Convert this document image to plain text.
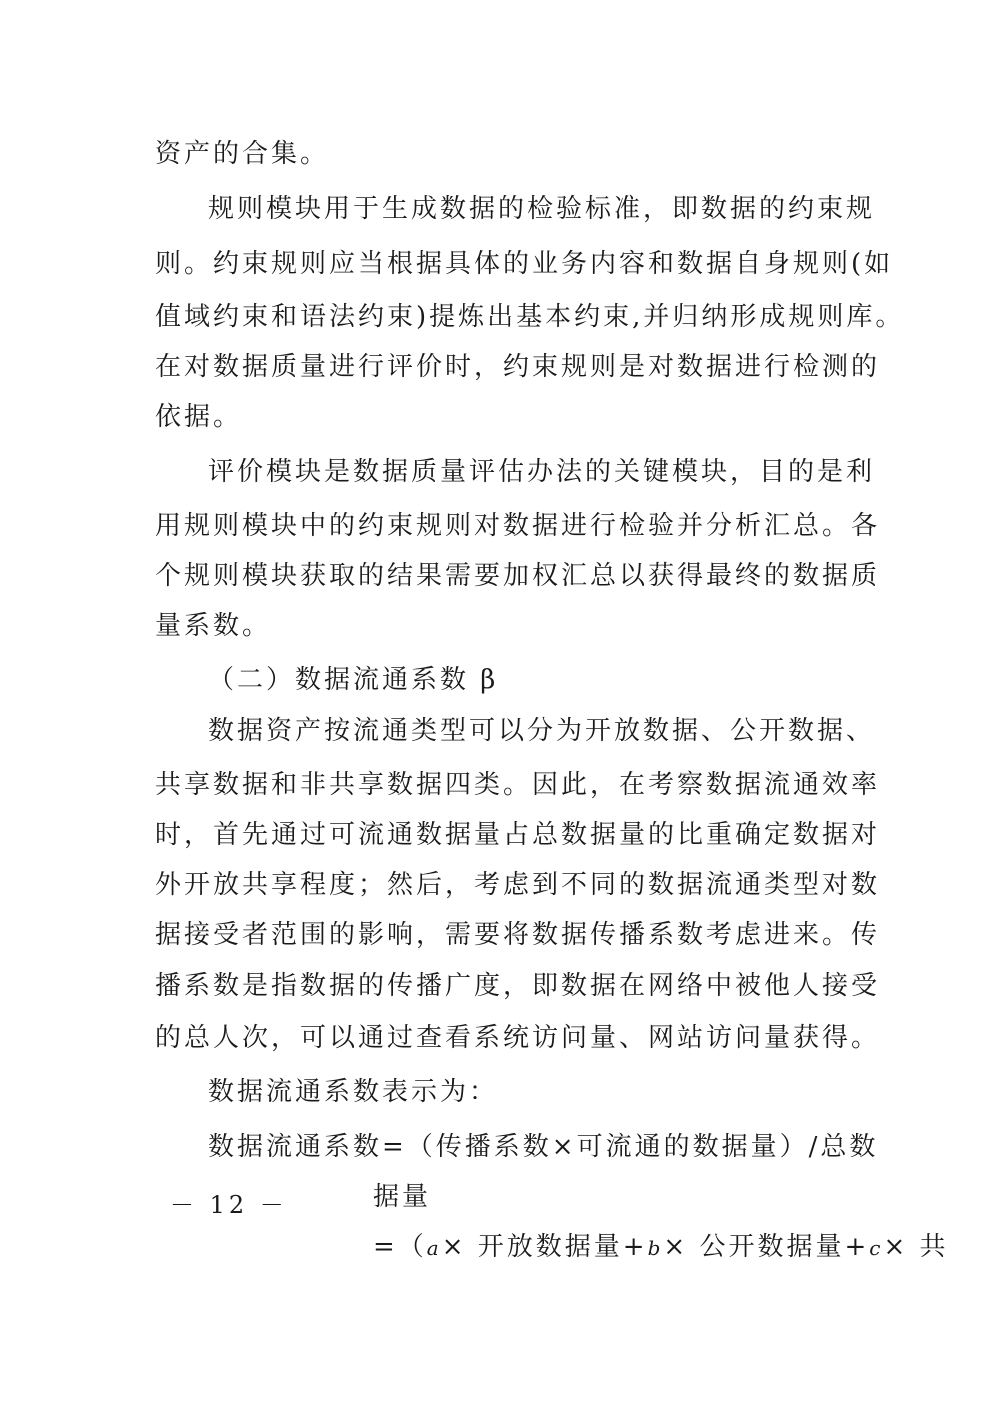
资产的合集。
规则模块用于生成数据的检验标准，即数据的约束规
则。约束规则应当根据具体的业务内容和数据自身规则(如
值域约束和语法约束)提炼出基本约束,并归纳形成规则库。
在对数据质量进行评价时，约束规则是对数据进行检测的
依据。
评价模块是数据质量评估办法的关键模块，目的是利
用规则模块中的约束规则对数据进行检验并分析汇总。各
个规则模块获取的结果需要加权汇总以获得最终的数据质
量系数。
（二）数据流通系数 β
数据资产按流通类型可以分为开放数据、公开数据、
共享数据和非共享数据四类。因此，在考察数据流通效率
时，首先通过可流通数据量占总数据量的比重确定数据对
外开放共享程度；然后，考虑到不同的数据流通类型对数
据接受者范围的影响，需要将数据传播系数考虑进来。传
播系数是指数据的传播广度，即数据在网络中被他人接受
的总人次，可以通过查看系统访问量、网站访问量获得。
数据流通系数表示为：
数据流通系数=（传播系数×可流通的数据量）/总数
据量
=（a× 开放数据量+b× 公开数据量+c× 共
－ 12 －
